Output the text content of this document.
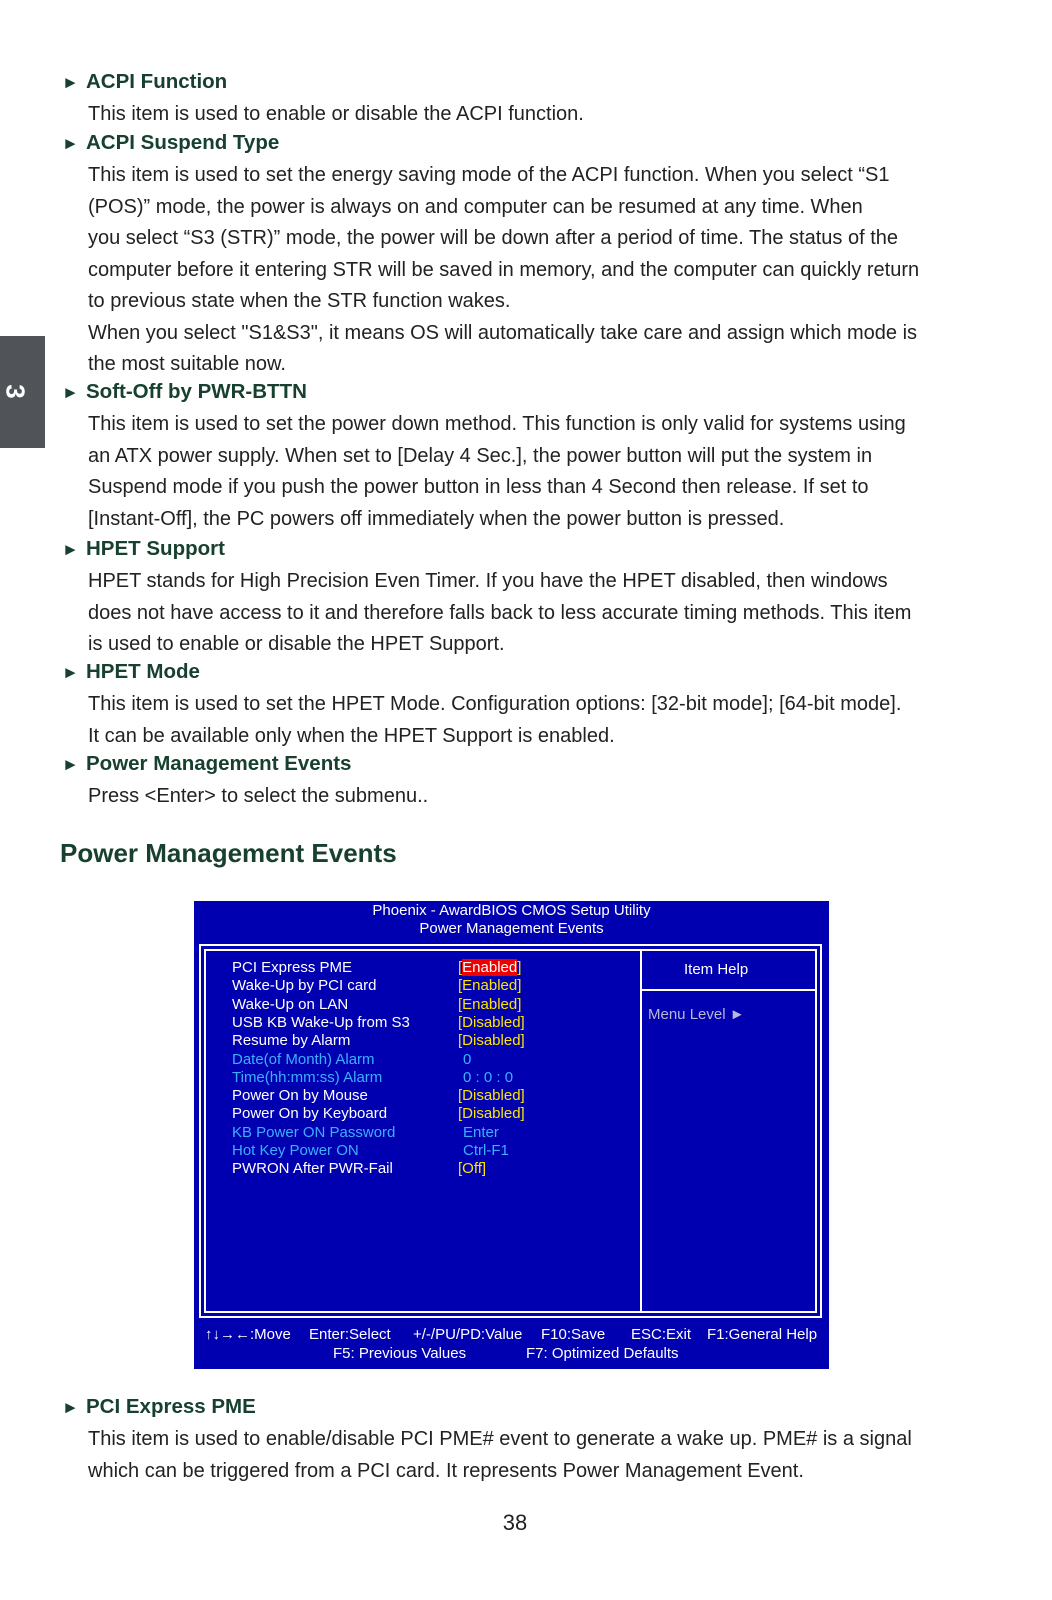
3
► ACPI Function
This item is used to enable or disable the ACPI function.
► ACPI Suspend Type
This item is used to set the energy saving mode of the ACPI function. When you select “S1
(POS)” mode, the power is always on and computer can be resumed at any time. When
you select “S3 (STR)” mode, the power will be down after a period of time. The status of the
computer before it entering STR will be saved in memory, and the computer can quickly return
to previous state when the STR function wakes.
When you select "S1&S3", it means OS will automatically take care and assign which mode is
the most suitable now.
► Soft-Off by PWR-BTTN
This item is used to set the power down method. This function is only valid for systems using
an ATX power supply. When set to [Delay 4 Sec.], the power button will put the system in
Suspend mode if you push the power button in less than 4 Second then release. If set to
[Instant-Off], the PC powers off immediately when the power button is pressed.
► HPET Support
HPET stands for High Precision Even Timer. If you have the HPET disabled, then windows
does not have access to it and therefore falls back to less accurate timing methods. This item
is used to enable or disable the HPET Support.
► HPET Mode
This item is used to set the HPET Mode. Configuration options: [32-bit mode]; [64-bit mode].
It can be available only when the HPET Support is enabled.
► Power Management Events
Press <Enter> to select the submenu..
► PCI Express PME
This item is used to enable/disable PCI PME# event to generate a wake up. PME# is a signal
which can be triggered from a PCI card. It represents Power Management Event.
Power Management Events
Phoenix - AwardBIOS CMOS Setup Utility
Power Management Events
PCI Express PME	[Enabled]
Wake-Up by PCI card	[Enabled]
Wake-Up on LAN	[Enabled]
USB KB Wake-Up from S3	[Disabled]
Resume by Alarm	[Disabled]
Date(of Month) Alarm	0
Time(hh:mm:ss) Alarm	0 : 0 : 0
Power On by Mouse	[Disabled]
Power On by Keyboard	[Disabled]
KB Power ON Password	Enter
Hot Key Power ON	Ctrl-F1
PWRON After PWR-Fail	[Off]
Item Help
Menu Level ►
↑↓→←:Move Enter:Select +/-/PU/PD:Value F10:Save ESC:Exit F1:General Help
F5: Previous Values	F7: Optimized Defaults
38
